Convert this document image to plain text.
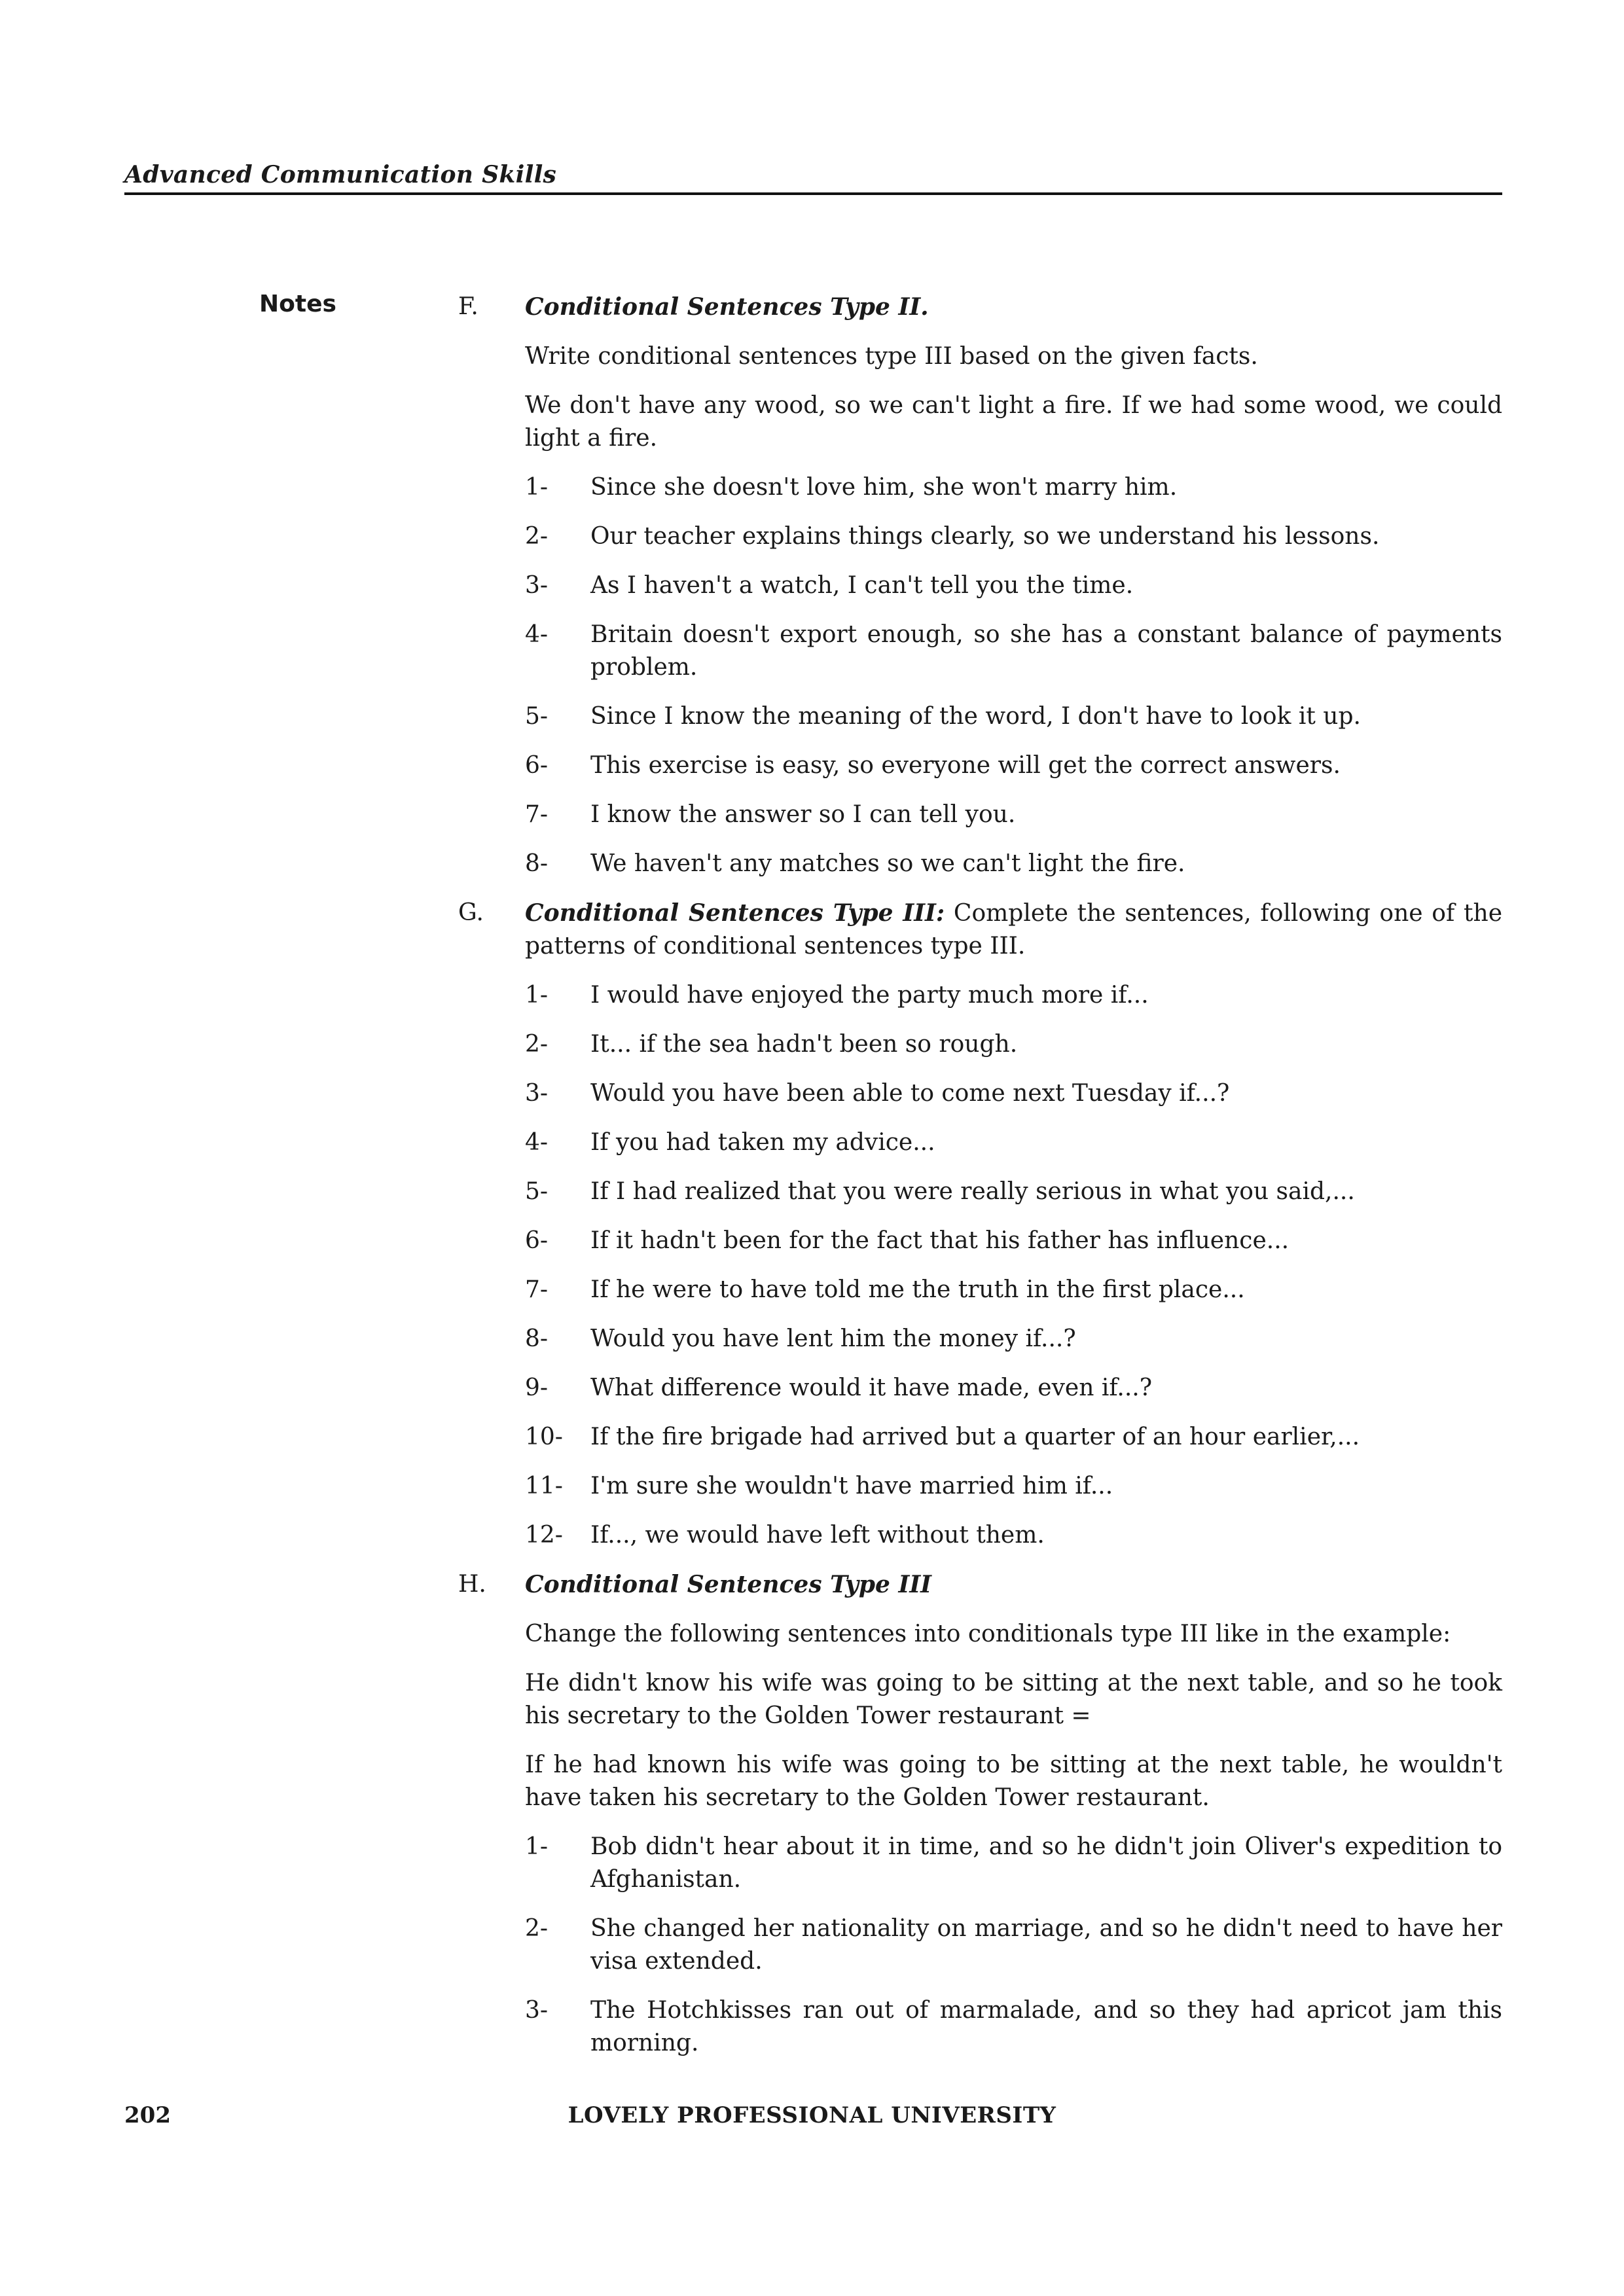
Advanced Communication Skills
Notes	F. Conditional Sentences Type II.

Write conditional sentences type III based on the given facts.

We don't have any wood, so we can't light a fire. If we had some wood, we could light a fire.

1- Since she doesn't love him, she won't marry him.
2- Our teacher explains things clearly, so we understand his lessons.
3- As I haven't a watch, I can't tell you the time.
4- Britain doesn't export enough, so she has a constant balance of payments problem.
5- Since I know the meaning of the word, I don't have to look it up.
6- This exercise is easy, so everyone will get the correct answers.
7- I know the answer so I can tell you.
8- We haven't any matches so we can't light the fire.
G. Conditional Sentences Type III: Complete the sentences, following one of the patterns of conditional sentences type III.

1- I would have enjoyed the party much more if...
2- It... if the sea hadn't been so rough.
3- Would you have been able to come next Tuesday if...?
4- If you had taken my advice...
5- If I had realized that you were really serious in what you said,...
6- If it hadn't been for the fact that his father has influence...
7- If he were to have told me the truth in the first place...
8- Would you have lent him the money if...?
9- What difference would it have made, even if...?
10- If the fire brigade had arrived but a quarter of an hour earlier,...
11- I'm sure she wouldn't have married him if...
12- If..., we would have left without them.
H. Conditional Sentences Type III

Change the following sentences into conditionals type III like in the example:

He didn't know his wife was going to be sitting at the next table, and so he took his secretary to the Golden Tower restaurant =

If he had known his wife was going to be sitting at the next table, he wouldn't have taken his secretary to the Golden Tower restaurant.

1- Bob didn't hear about it in time, and so he didn't join Oliver's expedition to Afghanistan.
2- She changed her nationality on marriage, and so he didn't need to have her visa extended.
3- The Hotchkisses ran out of marmalade, and so they had apricot jam this morning.
202	LOVELY PROFESSIONAL UNIVERSITY
